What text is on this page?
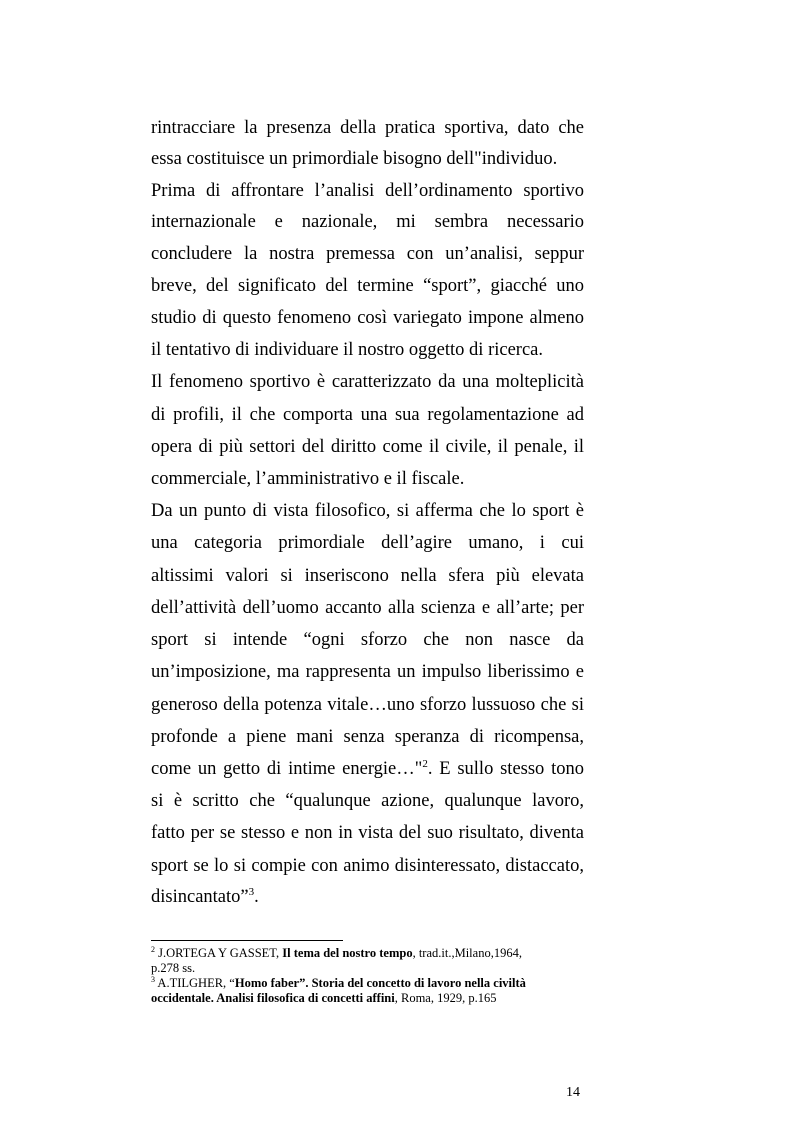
rintracciare la presenza della pratica sportiva, dato che
essa costituisce un primordiale bisogno dell"individuo.
Prima di affrontare l’analisi dell’ordinamento sportivo
internazionale e nazionale, mi sembra necessario
concludere la nostra premessa con un’analisi, seppur
breve, del significato del termine “sport”, giacché uno
studio di questo fenomeno così variegato impone almeno
il tentativo di individuare il nostro oggetto di ricerca.
Il fenomeno sportivo è caratterizzato da una molteplicità
di profili, il che comporta una sua regolamentazione ad
opera di più settori del diritto come il civile, il penale, il
commerciale, l’amministrativo e il fiscale.
Da un punto di vista filosofico, si afferma che lo sport è
una categoria primordiale dell’agire umano, i cui
altissimi valori si inseriscono nella sfera più elevata
dell’attività dell’uomo accanto alla scienza e all’arte; per
sport si intende “ogni sforzo che non nasce da
un’imposizione, ma rappresenta un impulso liberissimo e
generoso della potenza vitale…uno sforzo lussuoso che si
profonde a piene mani senza speranza di ricompensa,
come un getto di intime energie…"$^2$. E sullo stesso tono
si è scritto che “qualunque azione, qualunque lavoro,
fatto per se stesso e non in vista del suo risultato, diventa
sport se lo si compie con animo disinteressato, distaccato,
disincantato”$^3$.
$^2$ J.ORTEGA Y GASSET, Il tema del nostro tempo, trad.it.,Milano,1964,
p.278 ss.
$^3$ A.TILGHER, “Homo faber”. Storia del concetto di lavoro nella civiltà
occidentale. Analisi filosofica di concetti affini, Roma, 1929, p.165
14
